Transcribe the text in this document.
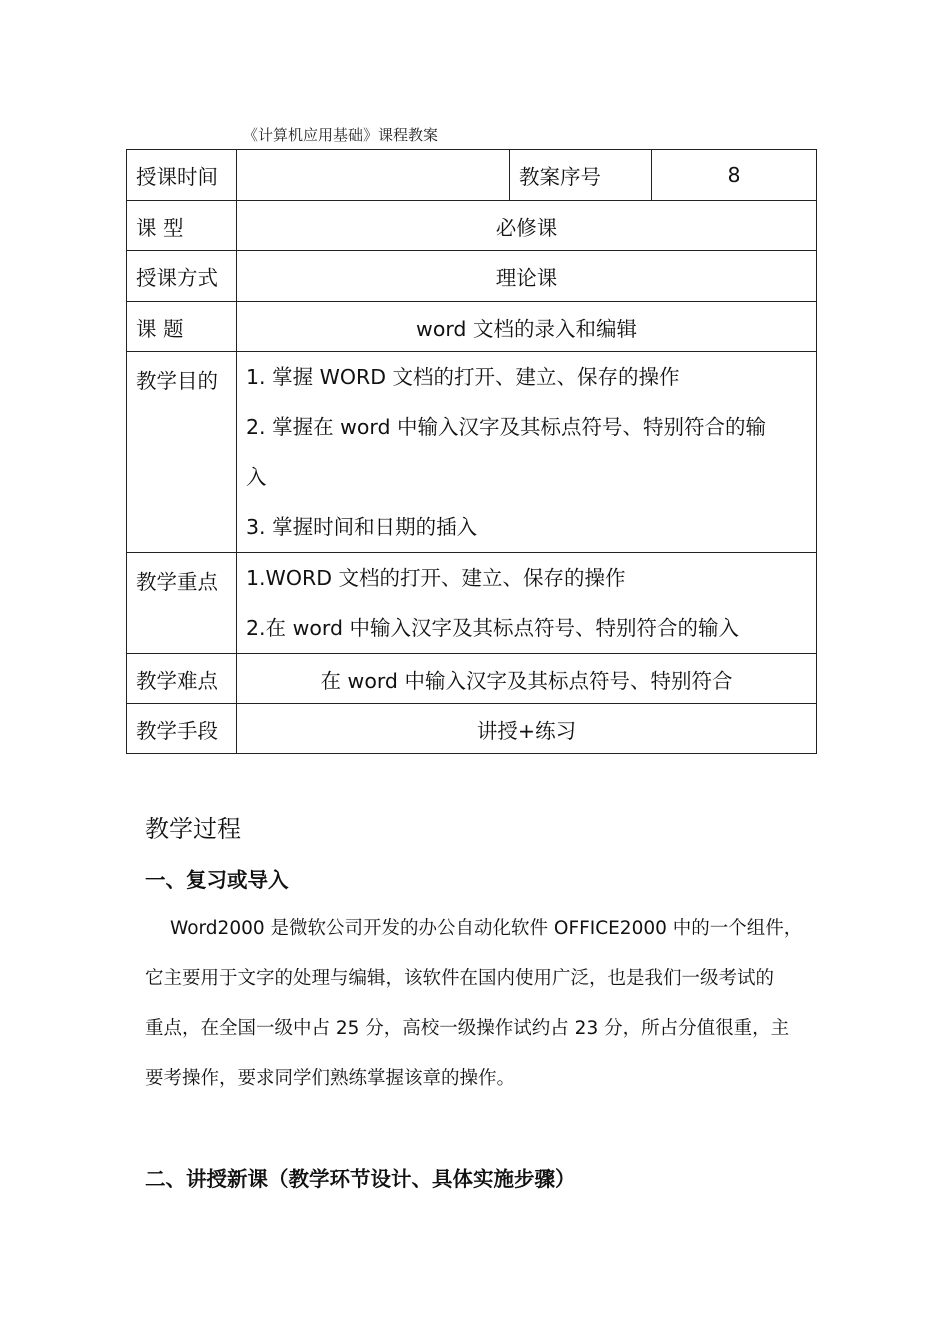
《计算机应用基础》课程教案
授课时间		教案序号	8
课 型	必修课		
授课方式	理论课		
课 题	word 文档的录入和编辑		
教学目的	1. 掌握 WORD 文档的打开、建立、保存的操作
2. 掌握在 word 中输入汉字及其标点符号、特别符合的输
入
3. 掌握时间和日期的插入		

教学重点	1.WORD 文档的打开、建立、保存的操作
2.在 word 中输入汉字及其标点符号、特别符合的输入		

教学难点	在 word 中输入汉字及其标点符号、特别符合		
教学手段	讲授+练习		
教学过程
一、复习或导入
Word2000 是微软公司开发的办公自动化软件 OFFICE2000 中的一个组件，
它主要用于文字的处理与编辑，该软件在国内使用广泛，也是我们一级考试的
重点，在全国一级中占 25 分，高校一级操作试约占 23 分，所占分值很重，主
要考操作，要求同学们熟练掌握该章的操作。
二、讲授新课（教学环节设计、具体实施步骤）
